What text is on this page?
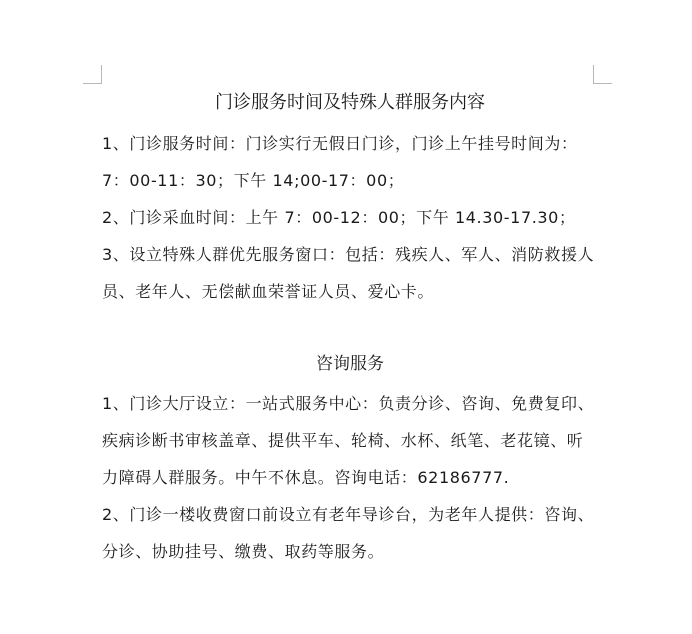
门诊服务时间及特殊人群服务内容

1、门诊服务时间：门诊实行无假日门诊，门诊上午挂号时间为：7：00-11：30；下午 14;00-17：00；

2、门诊采血时间：上午 7：00-12：00；下午 14.30-17.30；

3、设立特殊人群优先服务窗口：包括：残疾人、军人、消防救援人员、老年人、无偿献血荣誉证人员、爱心卡。

咨询服务

1、门诊大厅设立：一站式服务中心：负责分诊、咨询、免费复印、疾病诊断书审核盖章、提供平车、轮椅、水杯、纸笔、老花镜、听力障碍人群服务。中午不休息。咨询电话：62186777.

2、门诊一楼收费窗口前设立有老年导诊台，为老年人提供：咨询、分诊、协助挂号、缴费、取药等服务。
